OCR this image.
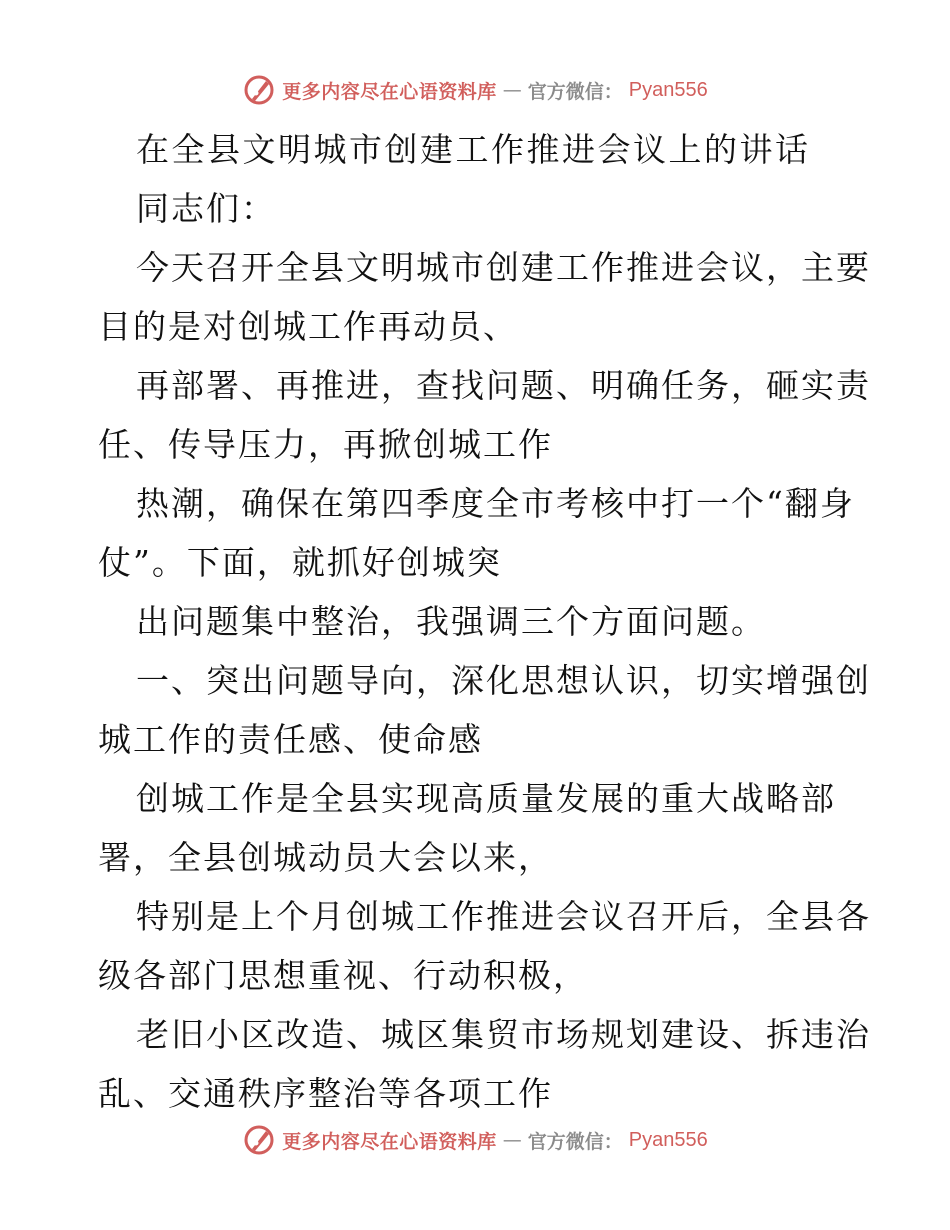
更多内容尽在心语资料库 — 官方微信： Pyan556
在全县文明城市创建工作推进会议上的讲话
同志们：
今天召开全县文明城市创建工作推进会议，主要
目的是对创城工作再动员、
再部署、再推进，查找问题、明确任务，砸实责
任、传导压力，再掀创城工作
热潮，确保在第四季度全市考核中打一个“翻身
仗”。下面，就抓好创城突
出问题集中整治，我强调三个方面问题。
一、突出问题导向，深化思想认识，切实增强创
城工作的责任感、使命感
创城工作是全县实现高质量发展的重大战略部
署，全县创城动员大会以来，
特别是上个月创城工作推进会议召开后，全县各
级各部门思想重视、行动积极，
老旧小区改造、城区集贸市场规划建设、拆违治
乱、交通秩序整治等各项工作
更多内容尽在心语资料库 — 官方微信： Pyan556
